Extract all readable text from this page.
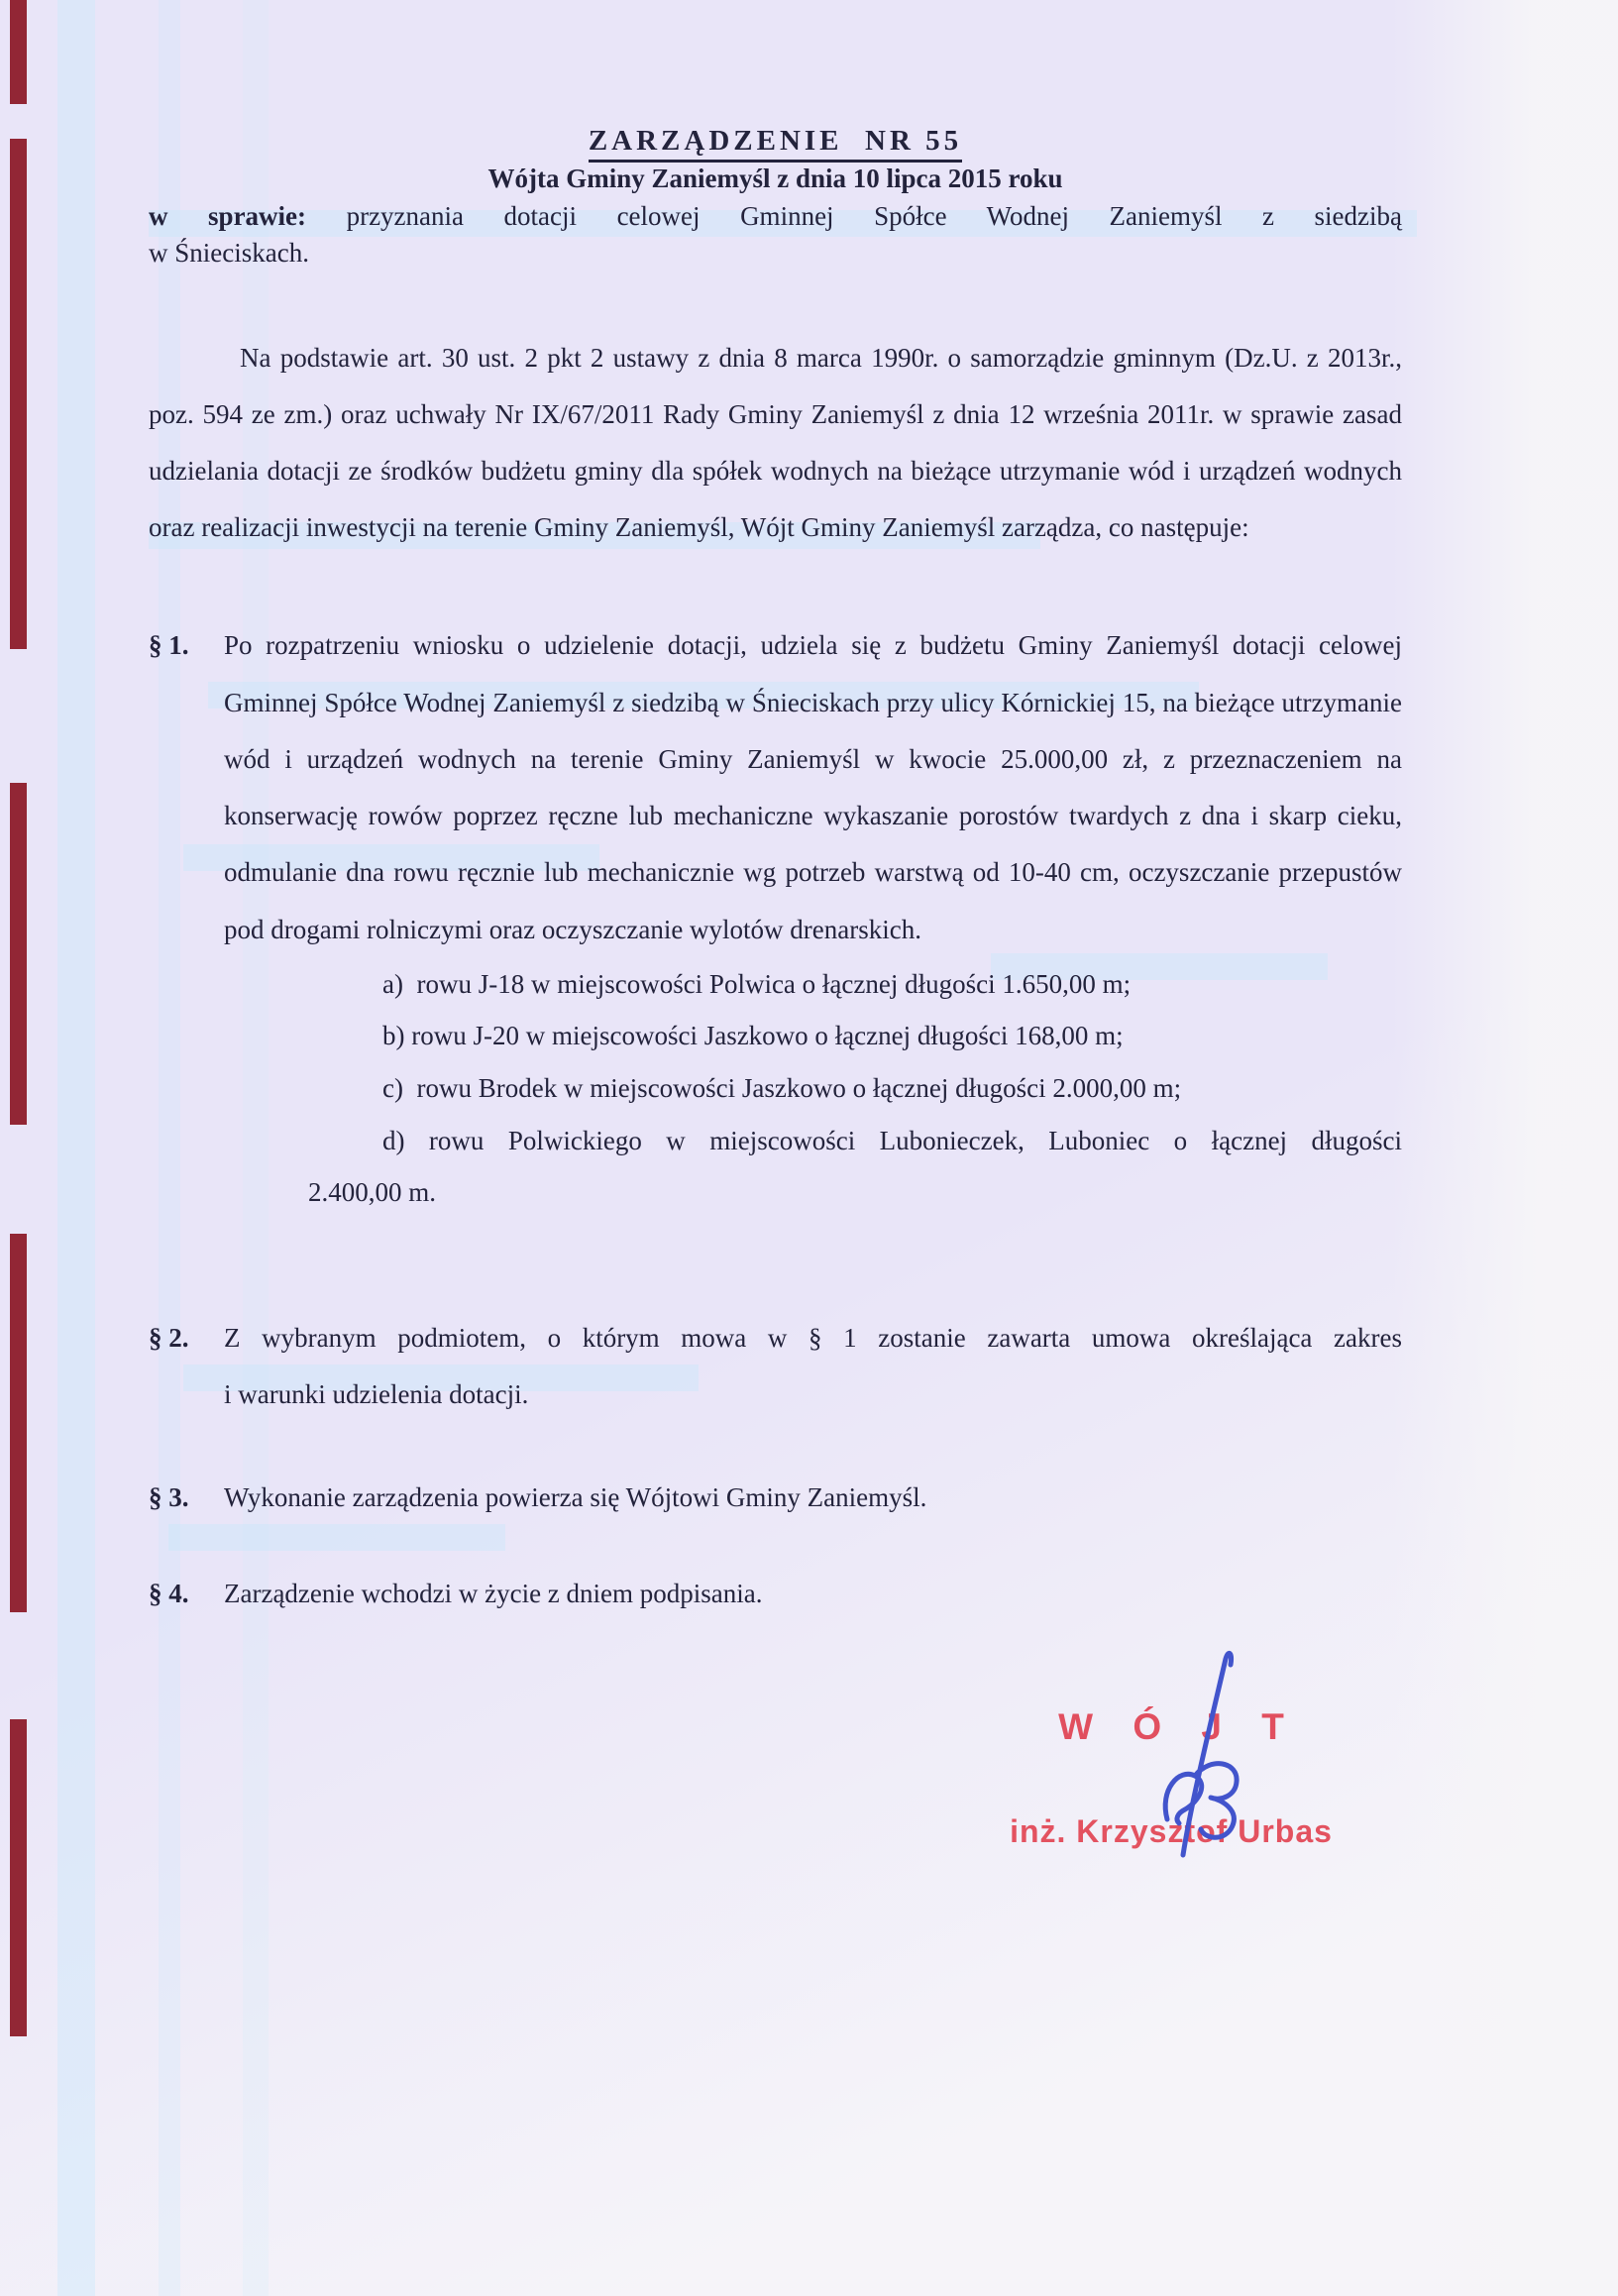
ZARZĄDZENIE  NR 55
Wójta Gminy Zaniemyśl z dnia 10 lipca 2015 roku

w sprawie: przyznania dotacji celowej Gminnej Spółce Wodnej Zaniemyśl z siedzibą

w Śnieciskach.

Na podstawie art. 30 ust. 2 pkt 2 ustawy z dnia 8 marca 1990r. o samorządzie gminnym (Dz.U. z 2013r., poz. 594 ze zm.) oraz uchwały Nr IX/67/2011 Rady Gminy Zaniemyśl z dnia 12 września 2011r. w sprawie zasad udzielania dotacji ze środków budżetu gminy dla spółek wodnych na bieżące utrzymanie wód i urządzeń wodnych oraz realizacji inwestycji na terenie Gminy Zaniemyśl, Wójt Gminy Zaniemyśl zarządza, co następuje:

§ 1.	Po rozpatrzeniu wniosku o udzielenie dotacji, udziela się z budżetu Gminy Zaniemyśl dotacji celowej Gminnej Spółce Wodnej Zaniemyśl z siedzibą w Śnieciskach przy ulicy Kórnickiej 15, na bieżące utrzymanie wód i urządzeń wodnych na terenie Gminy Zaniemyśl w kwocie 25.000,00 zł, z przeznaczeniem na konserwację rowów poprzez ręczne lub mechaniczne wykaszanie porostów twardych z dna i skarp cieku, odmulanie dna rowu ręcznie lub mechanicznie wg potrzeb warstwą od 10-40 cm, oczyszczanie przepustów pod drogami rolniczymi oraz oczyszczanie wylotów drenarskich.
a)  rowu J-18 w miejscowości Polwica o łącznej długości 1.650,00 m;
b) rowu J-20 w miejscowości Jaszkowo o łącznej długości 168,00 m;
c)  rowu Brodek w miejscowości Jaszkowo o łącznej długości 2.000,00 m;
d) rowu Polwickiego w miejscowości Lubonieczek, Luboniec o łącznej długości
2.400,00 m.
§ 2.	Z wybranym podmiotem, o którym mowa w § 1 zostanie zawarta umowa określająca zakres
i warunki udzielenia dotacji.
§ 3.	Wykonanie zarządzenia powierza się Wójtowi Gminy Zaniemyśl.
§ 4.	Zarządzenie wchodzi w życie z dniem podpisania.
W Ó J T
inż. Krzysztof Urbas
